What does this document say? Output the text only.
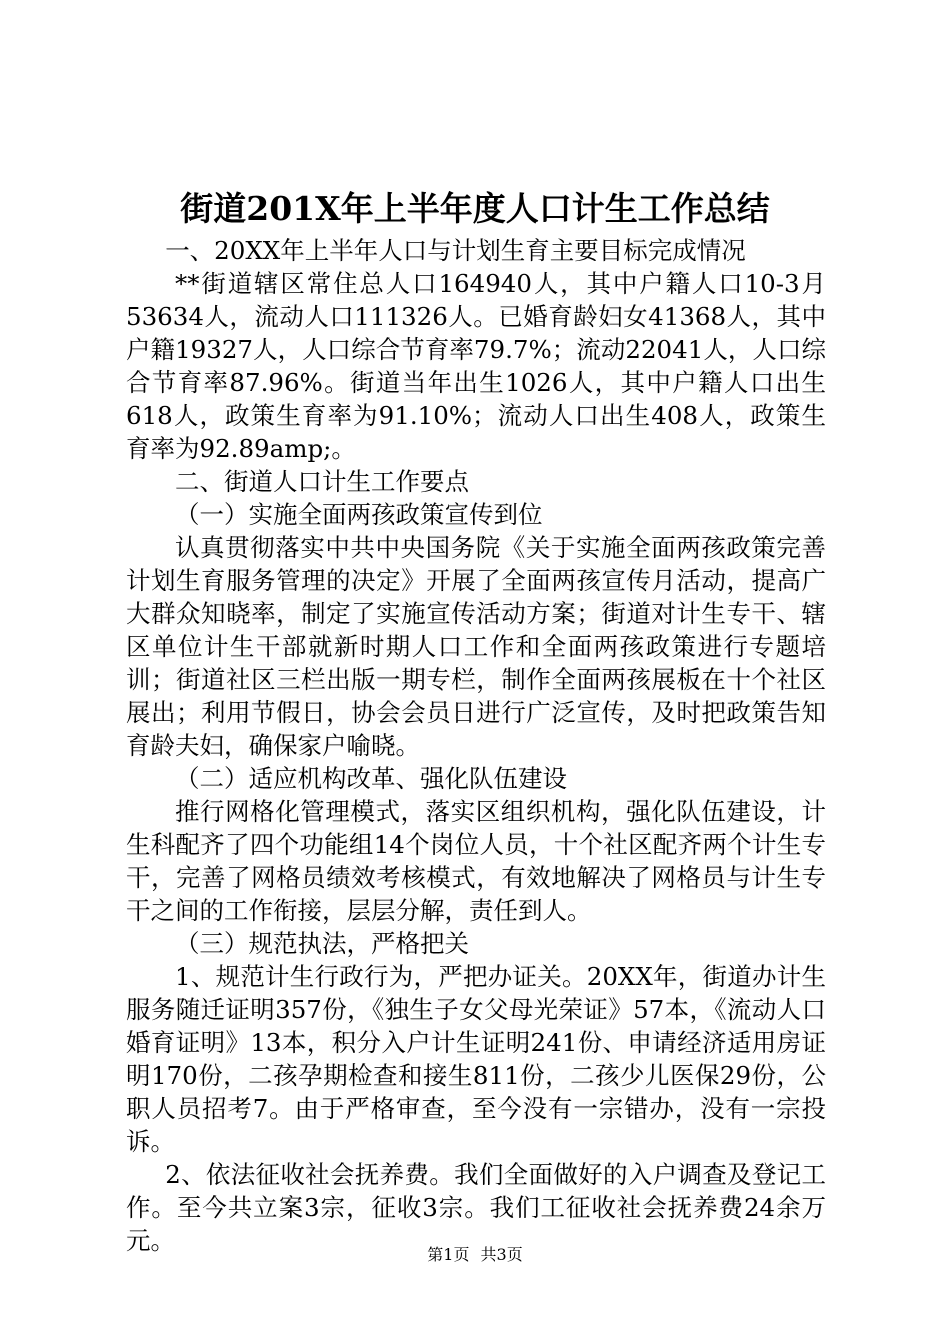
街道201X年上半年度人口计生工作总结

一、20XX年上半年人口与计划生育主要目标完成情况

**街道辖区常住总人口164940人，其中户籍人口10-3月53634人，流动人口111326人。已婚育龄妇女41368人，其中户籍19327人，人口综合节育率79.7%；流动22041人，人口综合节育率87.96%。街道当年出生1026人，其中户籍人口出生618人，政策生育率为91.10%；流动人口出生408人，政策生育率为92.89amp;。

二、街道人口计生工作要点

（一）实施全面两孩政策宣传到位

认真贯彻落实中共中央国务院《关于实施全面两孩政策完善计划生育服务管理的决定》开展了全面两孩宣传月活动，提高广大群众知晓率，制定了实施宣传活动方案；街道对计生专干、辖区单位计生干部就新时期人口工作和全面两孩政策进行专题培训；街道社区三栏出版一期专栏，制作全面两孩展板在十个社区展出；利用节假日，协会会员日进行广泛宣传，及时把政策告知育龄夫妇，确保家户喻晓。

（二）适应机构改革、强化队伍建设

推行网格化管理模式，落实区组织机构，强化队伍建设，计生科配齐了四个功能组14个岗位人员，十个社区配齐两个计生专干，完善了网格员绩效考核模式，有效地解决了网格员与计生专干之间的工作衔接，层层分解，责任到人。

（三）规范执法，严格把关

1、规范计生行政行为，严把办证关。20XX年，街道办计生服务随迁证明357份，《独生子女父母光荣证》57本，《流动人口婚育证明》13本，积分入户计生证明241份、申请经济适用房证明170份，二孩孕期检查和接生811份，二孩少儿医保29份，公职人员招考7。由于严格审查，至今没有一宗错办，没有一宗投诉。

2、依法征收社会抚养费。我们全面做好的入户调查及登记工作。至今共立案3宗，征收3宗。我们工征收社会抚养费24余万元。	第1页 共3页
